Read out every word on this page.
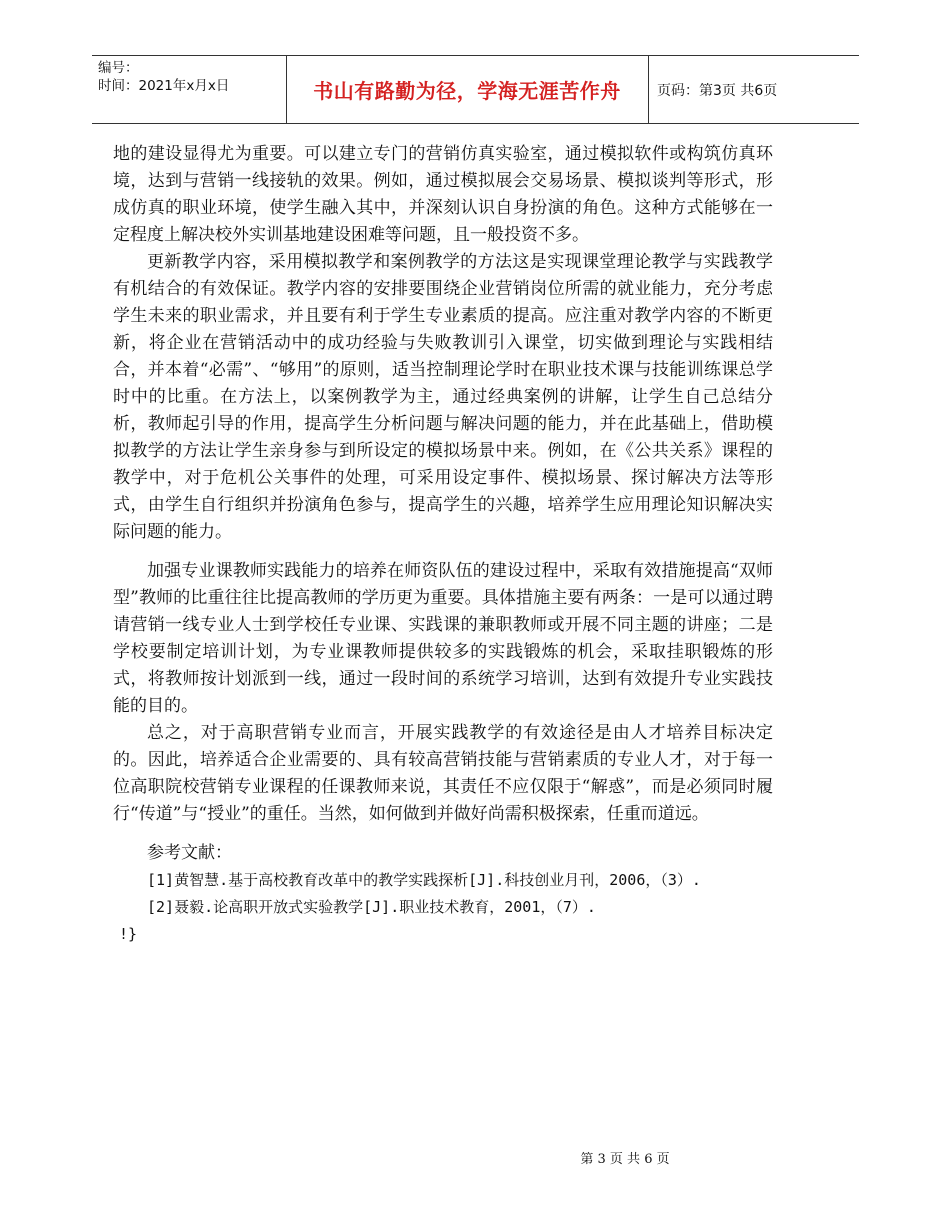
编号：
时间：2021年x月x日	书山有路勤为径，学海无涯苦作舟	页码：第3页 共6页

地的建设显得尤为重要。可以建立专门的营销仿真实验室，通过模拟软件或构筑仿真环境，达到与营销一线接轨的效果。例如，通过模拟展会交易场景、模拟谈判等形式，形成仿真的职业环境，使学生融入其中，并深刻认识自身扮演的角色。这种方式能够在一定程度上解决校外实训基地建设困难等问题，且一般投资不多。

更新教学内容，采用模拟教学和案例教学的方法这是实现课堂理论教学与实践教学有机结合的有效保证。教学内容的安排要围绕企业营销岗位所需的就业能力，充分考虑学生未来的职业需求，并且要有利于学生专业素质的提高。应注重对教学内容的不断更新，将企业在营销活动中的成功经验与失败教训引入课堂，切实做到理论与实践相结合，并本着“必需”、“够用”的原则，适当控制理论学时在职业技术课与技能训练课总学时中的比重。在方法上，以案例教学为主，通过经典案例的讲解，让学生自己总结分析，教师起引导的作用，提高学生分析问题与解决问题的能力，并在此基础上，借助模拟教学的方法让学生亲身参与到所设定的模拟场景中来。例如，在《公共关系》课程的教学中，对于危机公关事件的处理，可采用设定事件、模拟场景、探讨解决方法等形式，由学生自行组织并扮演角色参与，提高学生的兴趣，培养学生应用理论知识解决实际问题的能力。

加强专业课教师实践能力的培养在师资队伍的建设过程中，采取有效措施提高“双师型”教师的比重往往比提高教师的学历更为重要。具体措施主要有两条：一是可以通过聘请营销一线专业人士到学校任专业课、实践课的兼职教师或开展不同主题的讲座；二是学校要制定培训计划，为专业课教师提供较多的实践锻炼的机会，采取挂职锻炼的形式，将教师按计划派到一线，通过一段时间的系统学习培训，达到有效提升专业实践技能的目的。

总之，对于高职营销专业而言，开展实践教学的有效途径是由人才培养目标决定的。因此，培养适合企业需要的、具有较高营销技能与营销素质的专业人才，对于每一位高职院校营销专业课程的任课教师来说，其责任不应仅限于“解惑”，而是必须同时履行“传道”与“授业”的重任。当然，如何做到并做好尚需积极探索，任重而道远。

参考文献：

[1]黄智慧.基于高校教育改革中的教学实践探析[J].科技创业月刊，2006，（3）.

[2]聂毅.论高职开放式实验教学[J].职业技术教育，2001，（7）.

!}

第 3 页 共 6 页
